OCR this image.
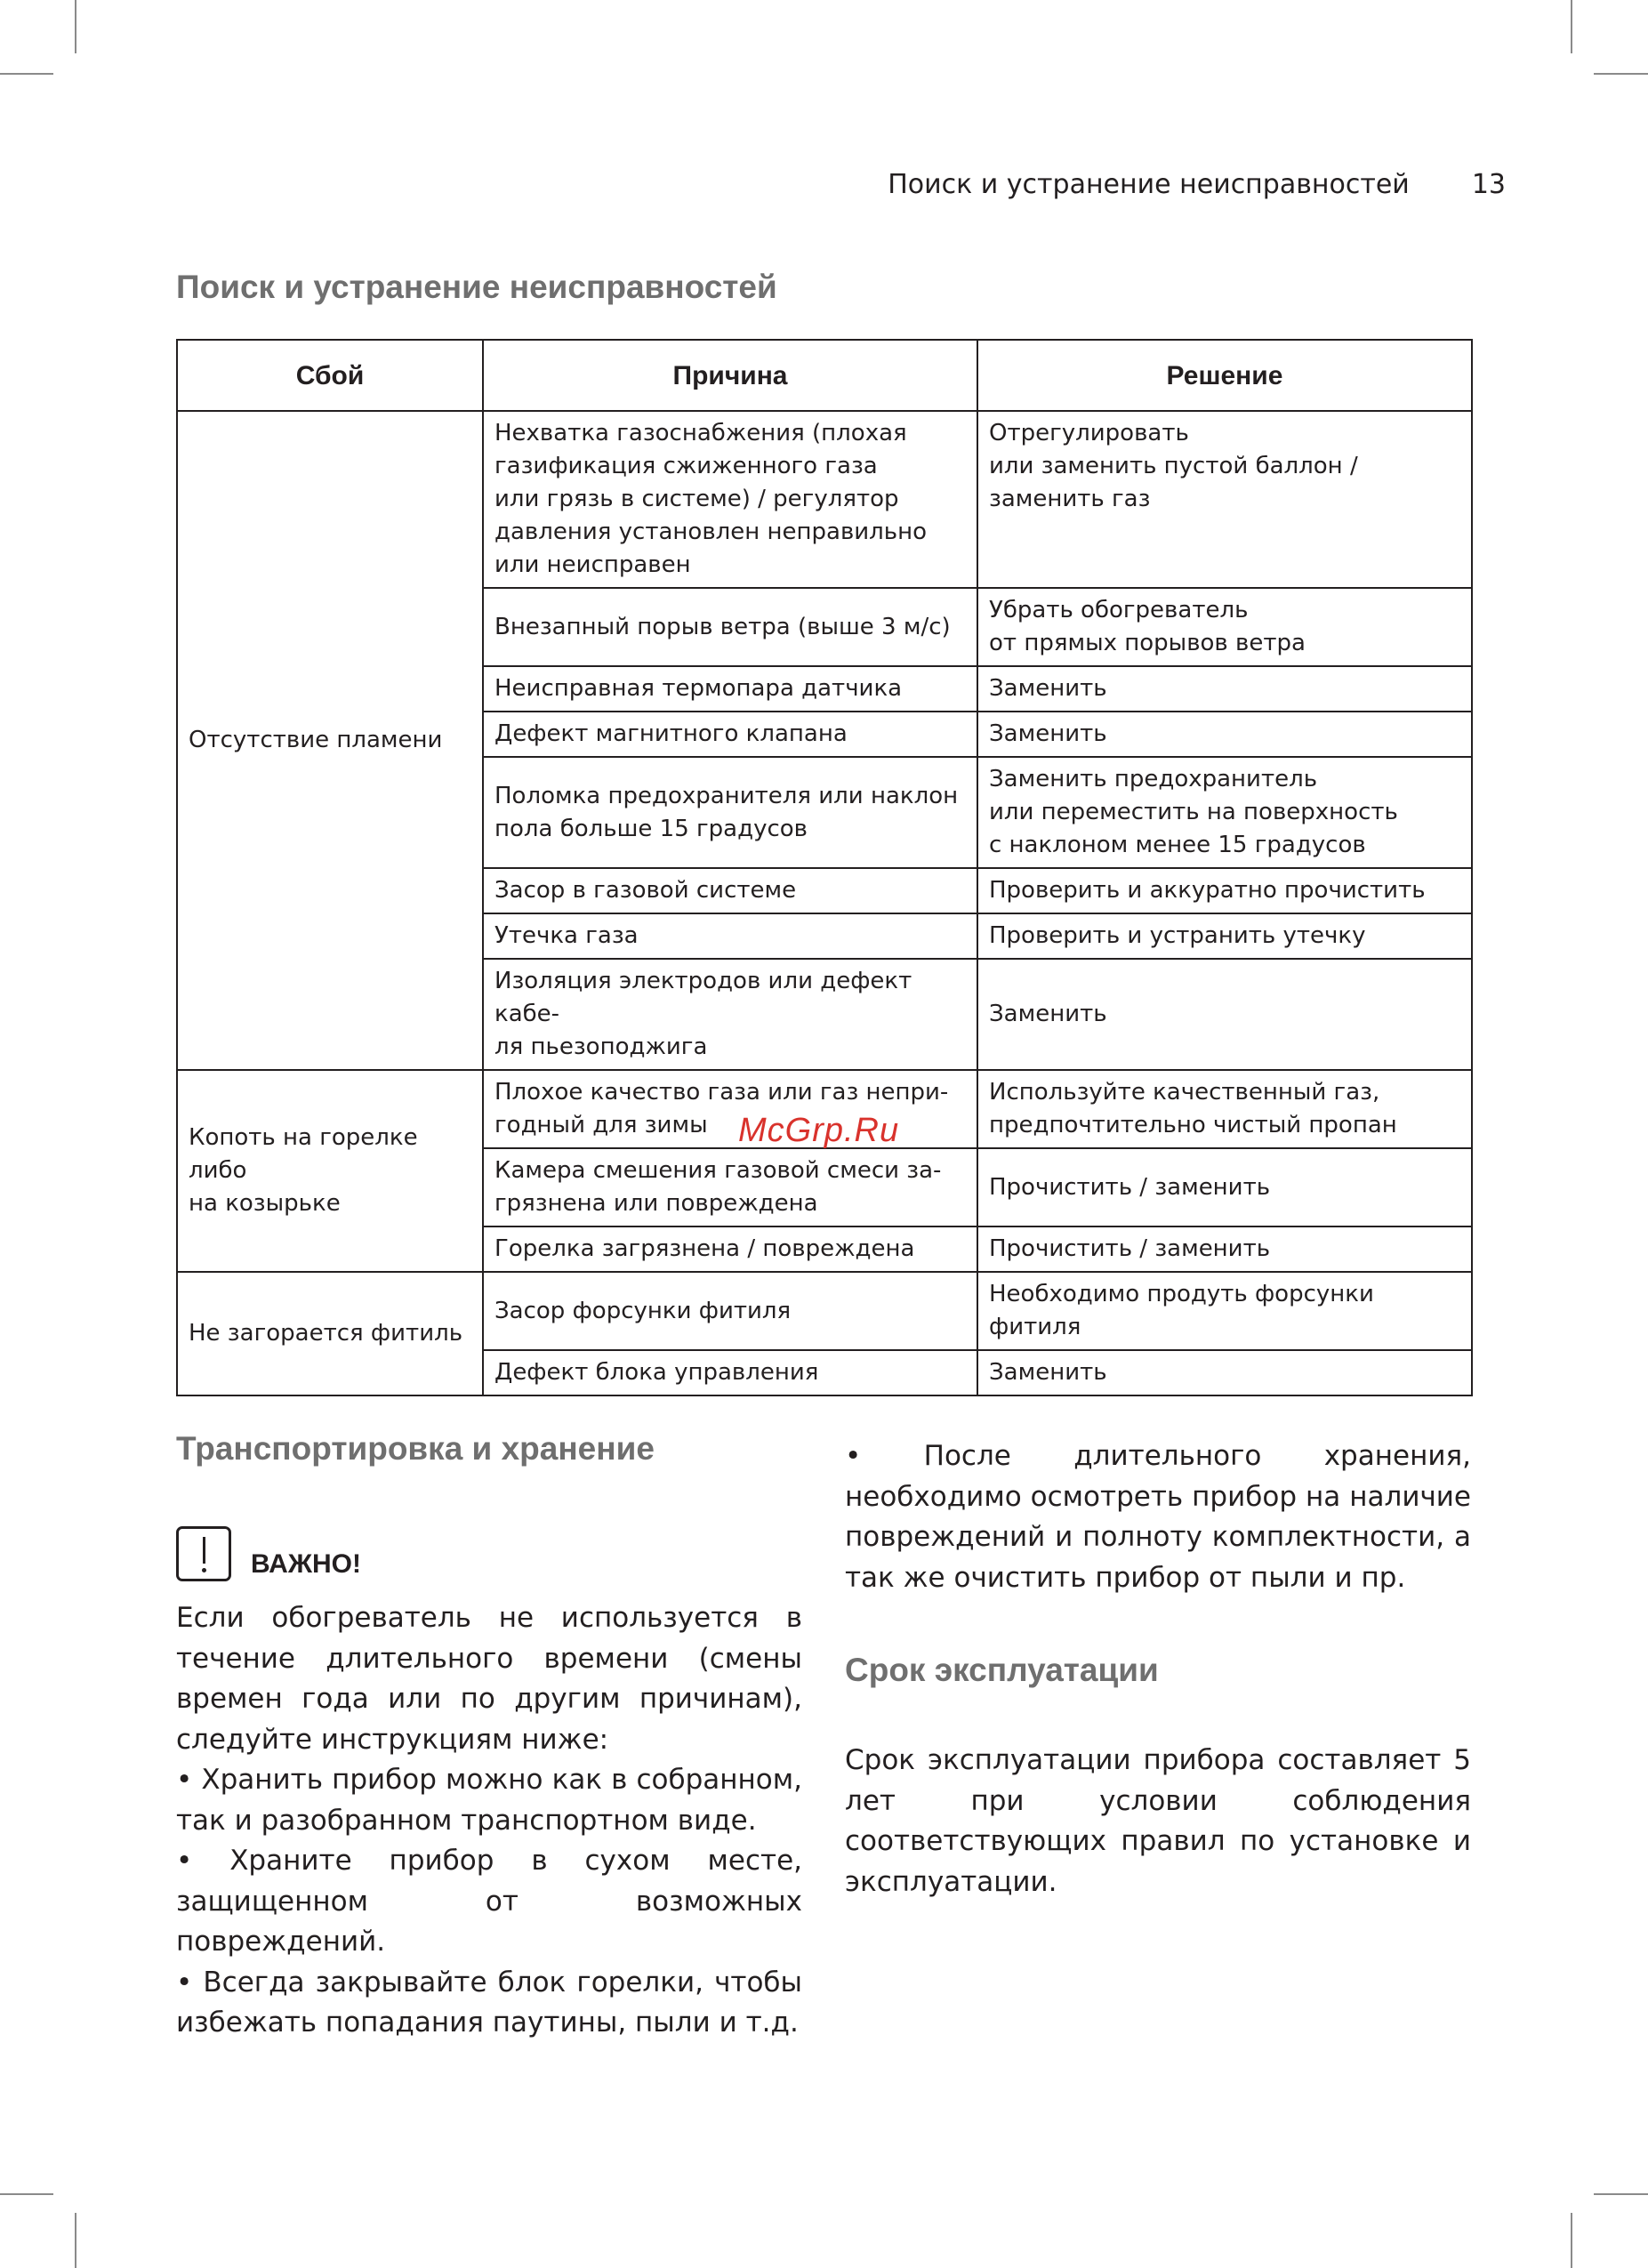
Поиск и устранение неисправностей 13
Поиск и устранение неисправностей
Сбой	Причина	Решение

Отсутствие пламени	Нехватка газоснабжения (плохая
газификация сжиженного газа
или грязь в системе) / регулятор
давления установлен неправильно
или неисправен	Отрегулировать
или заменить пустой баллон /
заменить газ

	Внезапный порыв ветра (выше 3 м/с)	Убрать обогреватель
от прямых порывов ветра

	Неисправная термопара датчика	Заменить

	Дефект магнитного клапана	Заменить

	Поломка предохранителя или наклон
пола больше 15 градусов	Заменить предохранитель
или переместить на поверхность
с наклоном менее 15 градусов

	Засор в газовой системе	Проверить и аккуратно прочистить

	Утечка газа	Проверить и устранить утечку

	Изоляция электродов или дефект кабе-
ля пьезоподжига	Заменить

Копоть на горелке либо
на козырьке	Плохое качество газа или газ непри-
годный для зимы	Используйте качественный газ,
предпочтительно чистый пропан

	Камера смешения газовой смеси за-
грязнена или повреждена	Прочистить / заменить

	Горелка загрязнена / повреждена	Прочистить / заменить

Не загорается фитиль	Засор форсунки фитиля	Необходимо продуть форсунки фитиля

	Дефект блока управления	Заменить
McGrp.Ru
Транспортировка и хранение
ВАЖНО!

Если обогреватель не используется в течение длительного времени (смены времен года или по другим причинам), следуйте инструкциям ниже:

• Хранить прибор можно как в собранном, так и разобранном транспортном виде.

• Храните прибор в сухом месте, защищенном от возможных повреждений.

• Всегда закрывайте блок горелки, чтобы избежать попадания паутины, пыли и т.д.

• После длительного хранения, необходимо осмотреть прибор на наличие повреждений и полноту комплектности, а так же очистить прибор от пыли и пр.

Срок эксплуатации

Срок эксплуатации прибора составляет 5 лет при условии соблюдения соответствующих правил по установке и эксплуатации.
